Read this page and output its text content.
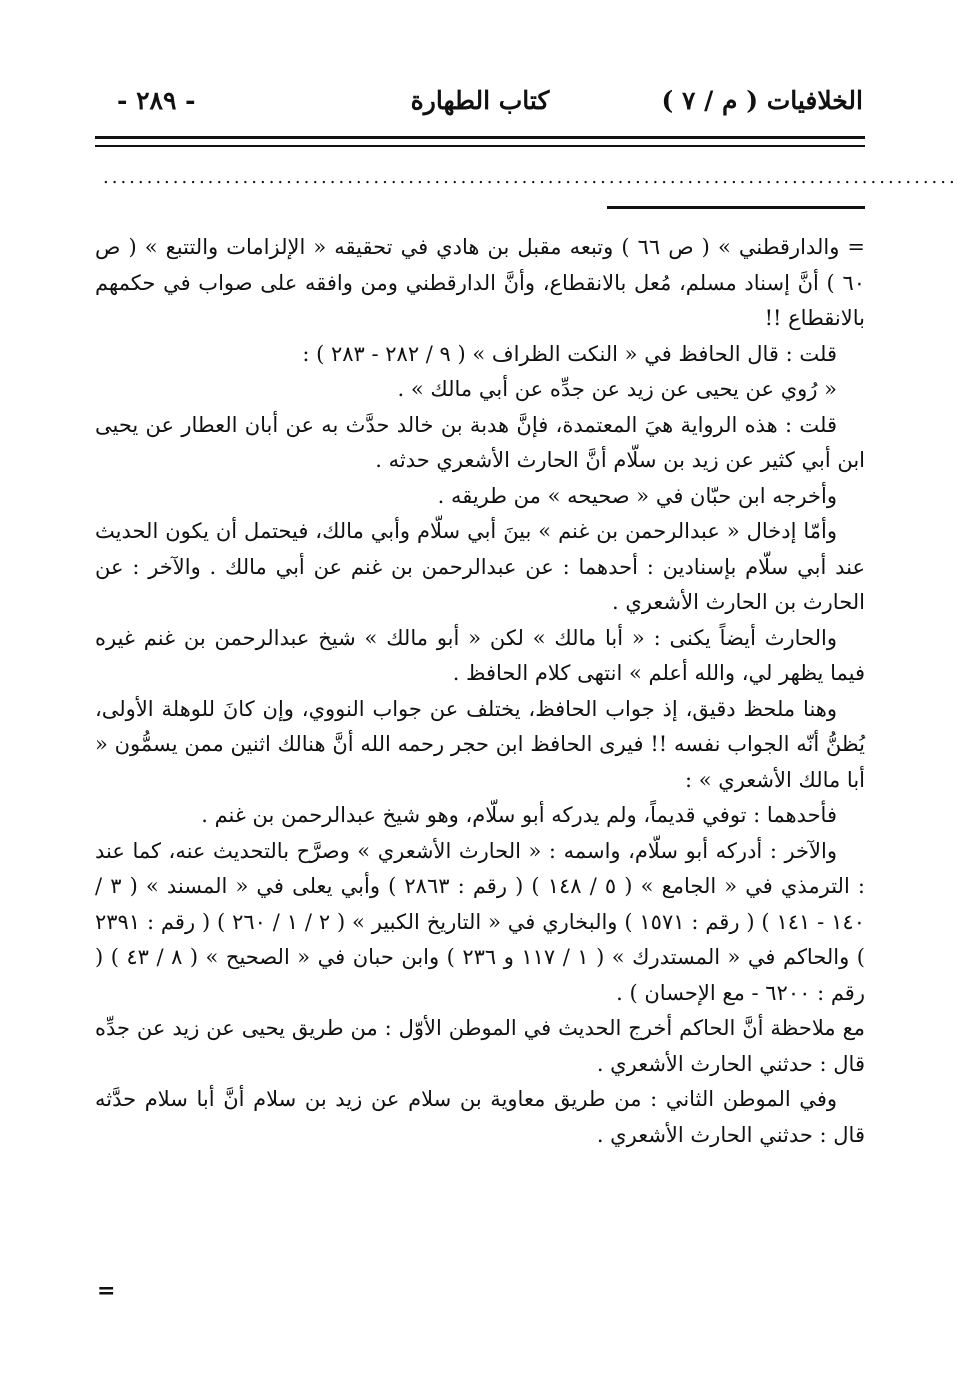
الخلافيات ( م / ٧ )
كتاب الطهارة
- ٢٨٩ -
..................................................................................................

= والدارقطني » ( ص ٦٦ ) وتبعه مقبل بن هادي في تحقيقه « الإلزامات والتتبع » ( ص ٦٠ ) أنَّ إسناد مسلم، مُعل بالانقطاع، وأنَّ الدارقطني ومن وافقه على صواب في حكمهم بالانقطاع !!

قلت : قال الحافظ في « النكت الظراف » ( ٩ / ٢٨٢ - ٢٨٣ ) :

« رُوي عن يحيى عن زيد عن جدِّه عن أبي مالك » .

قلت : هذه الرواية هيَ المعتمدة، فإنَّ هدبة بن خالد حدَّث به عن أبان العطار عن يحيى ابن أبي كثير عن زيد بن سلّام أنَّ الحارث الأشعري حدثه .

وأخرجه ابن حبّان في « صحيحه » من طريقه .

وأمّا إدخال « عبدالرحمن بن غنم » بينَ أبي سلّام وأبي مالك، فيحتمل أن يكون الحديث عند أبي سلّام بإسنادين : أحدهما : عن عبدالرحمن بن غنم عن أبي مالك . والآخر : عن الحارث بن الحارث الأشعري .

والحارث أيضاً يكنى : « أبا مالك » لكن « أبو مالك » شيخ عبدالرحمن بن غنم غيره فيما يظهر لي، والله أعلم » انتهى كلام الحافظ .

وهنا ملحظ دقيق، إذ جواب الحافظ، يختلف عن جواب النووي، وإن كانَ للوهلة الأولى، يُظنُّ أنّه الجواب نفسه !! فيرى الحافظ ابن حجر رحمه الله أنَّ هنالك اثنين ممن يسمُّون « أبا مالك الأشعري » :

فأحدهما : توفي قديماً، ولم يدركه أبو سلّام، وهو شيخ عبدالرحمن بن غنم .

والآخر : أدركه أبو سلّام، واسمه : « الحارث الأشعري » وصرَّح بالتحديث عنه، كما عند : الترمذي في « الجامع » ( ٥ / ١٤٨ ) ( رقم : ٢٨٦٣ ) وأبي يعلى في « المسند » ( ٣ / ١٤٠ - ١٤١ ) ( رقم : ١٥٧١ ) والبخاري في « التاريخ الكبير » ( ٢ / ١ / ٢٦٠ ) ( رقم : ٢٣٩١ ) والحاكم في « المستدرك » ( ١ / ١١٧ و ٢٣٦ ) وابن حبان في « الصحيح » ( ٨ / ٤٣ ) ( رقم : ٦٢٠٠ - مع الإحسان ) .

مع ملاحظة أنَّ الحاكم أخرج الحديث في الموطن الأوّل : من طريق يحيى عن زيد عن جدِّه قال : حدثني الحارث الأشعري .

وفي الموطن الثاني : من طريق معاوية بن سلام عن زيد بن سلام أنَّ أبا سلام حدَّثه قال : حدثني الحارث الأشعري .

=
